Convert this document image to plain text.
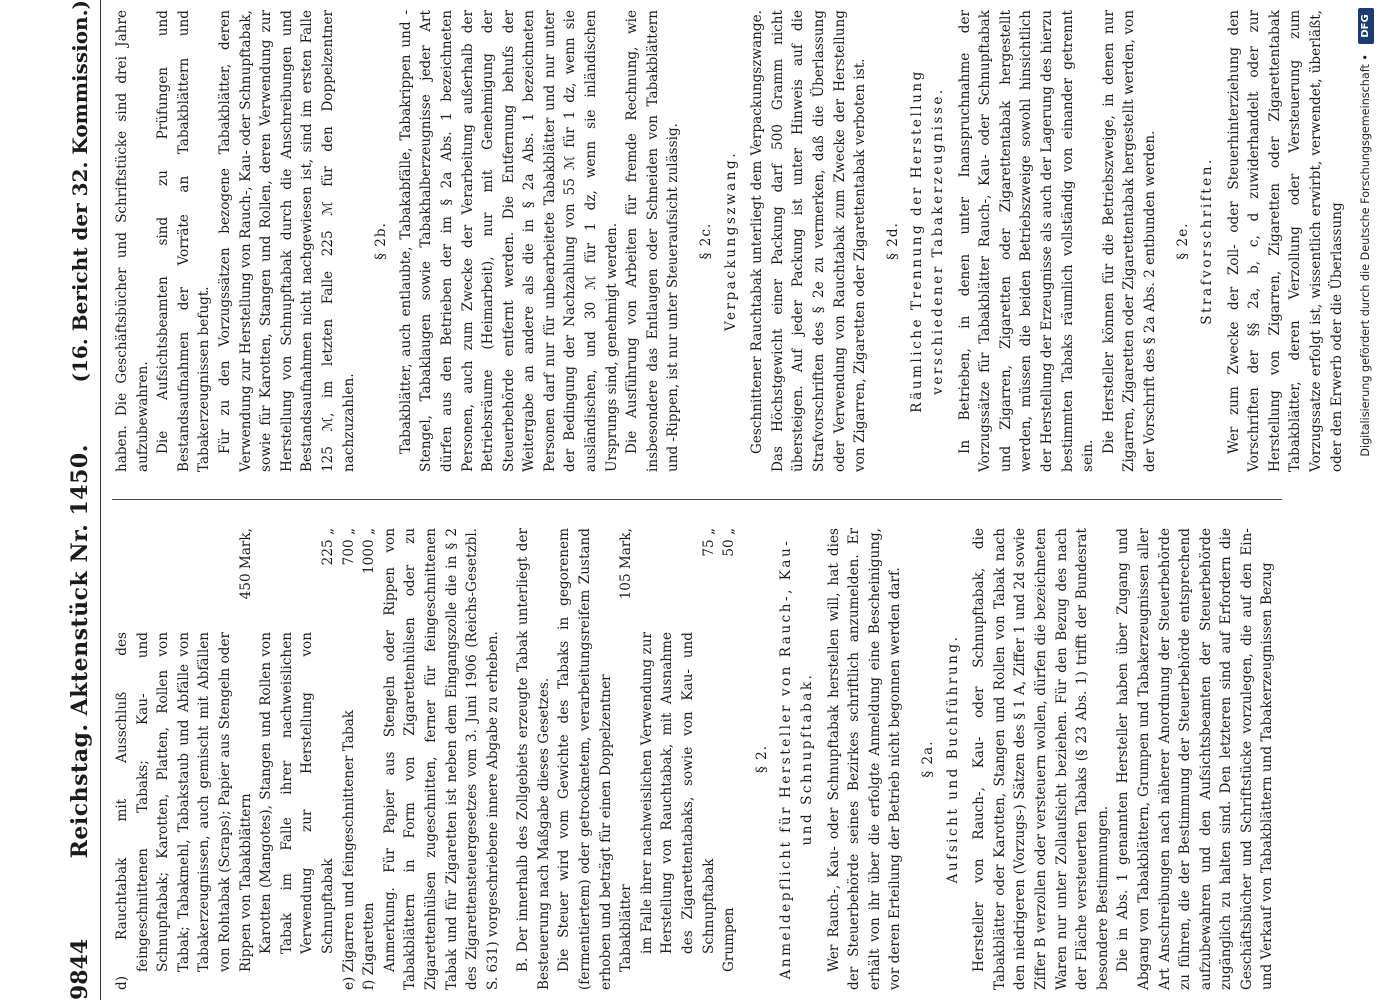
9844
Reichstag. Aktenstück Nr. 1450.
(16. Bericht der 32. Kommission.)
d) Rauchtabak mit Ausschluß des feingeschnittenen Tabaks; Kau- und Schnupftabak; Karotten, Platten, Rollen von Tabak; Tabakmehl, Tabakstaub und Abfälle von Tabakerzeugnissen, auch gemischt mit Abfällen von Rohtabak (Scraps); Papier aus Stengeln oder Rippen von Tabakblättern
450 Mark,
Karotten (Mangotes), Stangen und Rollen von Tabak im Falle ihrer nachweislichen Verwendung zur Herstellung von Schnupftabak
225 „
e) Zigarren und feingeschnittener Tabak
700 „
f) Zigaretten
1000 „ Anmerkung. Für Papier aus Stengeln oder Rippen von Tabakblättern in Form von Zigarettenhülsen oder zu Zigarettenhülsen zugeschnitten, ferner für feingeschnittenen Tabak und für Zigaretten ist neben dem Eingangszolle die in § 2 des Zigarettensteuergesetzes vom 3. Juni 1906 (Reichs-Gesetzbl. S. 631) vorgeschriebene innere Abgabe zu erheben. B. Der innerhalb des Zollgebiets erzeugte Tabak unterliegt der Besteuerung nach Maßgabe dieses Gesetzes. Die Steuer wird vom Gewichte des Tabaks in gegorenem (fermentiertem) oder getrocknetem, verarbeitungsreifem Zustand erhoben und beträgt für einen Doppelzentner Tabakblätter
105 Mark,
im Falle ihrer nachweislichen Verwendung zur Herstellung von Rauchtabak, mit Ausnahme des Zigarettentabaks, sowie von Kau- und Schnupftabak
75 „
Grumpen
50 „

§ 2. Anmeldepflicht für Hersteller von Rauch-, Kau- und Schnupftabak. Wer Rauch-, Kau- oder Schnupftabak herstellen will, hat dies der Steuerbehörde seines Bezirkes schriftlich anzumelden. Er erhält von ihr über die erfolgte Anmeldung eine Bescheinigung, vor deren Erteilung der Betrieb nicht begonnen werden darf. § 2a. Aufsicht und Buchführung. Hersteller von Rauch-, Kau- oder Schnupftabak, die Tabakblätter oder Karotten, Stangen und Rollen von Tabak nach den niedrigeren (Vorzugs-) Sätzen des § 1 A, Ziffer 1 und 2d sowie Ziffer B verzollen oder versteuern wollen, dürfen die bezeichneten Waren nur unter Zollaufsicht beziehen. Für den Bezug des nach der Fläche versteuerten Tabaks (§ 23 Abs. 1) trifft der Bundesrat besondere Bestimmungen. Die in Abs. 1 genannten Hersteller haben über Zugang und Abgang von Tabakblättern, Grumpen und Tabakerzeugnissen aller Art Anschreibungen nach näherer Anordnung der Steuerbehörde zu führen, die der Bestimmung der Steuerbehörde entsprechend aufzubewahren und den Aufsichtsbeamten der Steuerbehörde zugänglich zu halten sind. Den letzteren sind auf Erfordern die Geschäftsbücher und Schriftstücke vorzulegen, die auf den Ein- und Verkauf von Tabakblättern und Tabakerzeugnissen Bezug

haben. Die Geschäftsbücher und Schriftstücke sind drei Jahre aufzubewahren. Die Aufsichtsbeamten sind zu Prüfungen und Bestandsaufnahmen der Vorräte an Tabakblättern und Tabakerzeugnissen befugt. Für zu den Vorzugssätzen bezogene Tabakblätter, deren Verwendung zur Herstellung von Rauch-, Kau- oder Schnupftabak, sowie für Karotten, Stangen und Rollen, deren Verwendung zur Herstellung von Schnupftabak durch die Anschreibungen und Bestandsaufnahmen nicht nachgewiesen ist, sind im ersten Falle 125 ℳ, im letzten Falle 225 ℳ für den Doppelzentner nachzuzahlen.

§ 2b. Tabakblätter, auch entlaubte, Tabakabfälle, Tabakrippen und -Stengel, Tabaklaugen sowie Tabakhalberzeugnisse jeder Art dürfen aus den Betrieben der im § 2a Abs. 1 bezeichneten Personen, auch zum Zwecke der Verarbeitung außerhalb der Betriebsräume (Heimarbeit), nur mit Genehmigung der Steuerbehörde entfernt werden. Die Entfernung behufs der Weitergabe an andere als die in § 2a Abs. 1 bezeichneten Personen darf nur für unbearbeitete Tabakblätter und nur unter der Bedingung der Nachzahlung von 55 ℳ für 1 dz, wenn sie ausländischen, und 30 ℳ für 1 dz, wenn sie inländischen Ursprungs sind, genehmigt werden. Die Ausführung von Arbeiten für fremde Rechnung, wie insbesondere das Entlaugen oder Schneiden von Tabakblättern und -Rippen, ist nur unter Steueraufsicht zulässig. § 2c. Verpackungszwang. Geschnittener Rauchtabak unterliegt dem Verpackungszwange. Das Höchstgewicht einer Packung darf 500 Gramm nicht übersteigen. Auf jeder Packung ist unter Hinweis auf die Strafvorschriften des § 2e zu vermerken, daß die Überlassung oder Verwendung von Rauchtabak zum Zwecke der Herstellung von Zigarren, Zigaretten oder Zigarettentabak verboten ist. § 2d. Räumliche Trennung der Herstellung verschiedener Tabakerzeugnisse. In Betrieben, in denen unter Inanspruchnahme der Vorzugssätze für Tabakblätter Rauch-, Kau- oder Schnupftabak und Zigarren, Zigaretten oder Zigarettentabak hergestellt werden, müssen die beiden Betriebszweige sowohl hinsichtlich der Herstellung der Erzeugnisse als auch der Lagerung des hierzu bestimmten Tabaks räumlich vollständig von einander getrennt sein.

Die Hersteller können für die Betriebszweige, in denen nur Zigarren, Zigaretten oder Zigarettentabak hergestellt werden, von der Vorschrift des § 2a Abs. 2 entbunden werden. § 2e. Strafvorschriften. Wer zum Zwecke der Zoll- oder Steuerhinterziehung den Vorschriften der §§ 2a, b, c, d zuwiderhandelt oder zur Herstellung von Zigarren, Zigaretten oder Zigarettentabak Tabakblätter, deren Verzollung oder Versteuerung zum Vorzugssatze erfolgt ist, wissentlich erwirbt, verwendet, überläßt, oder den Erwerb oder die Überlassung

DFG
Digitalisierung gefördert durch die Deutsche Forschungsgemeinschaft •
